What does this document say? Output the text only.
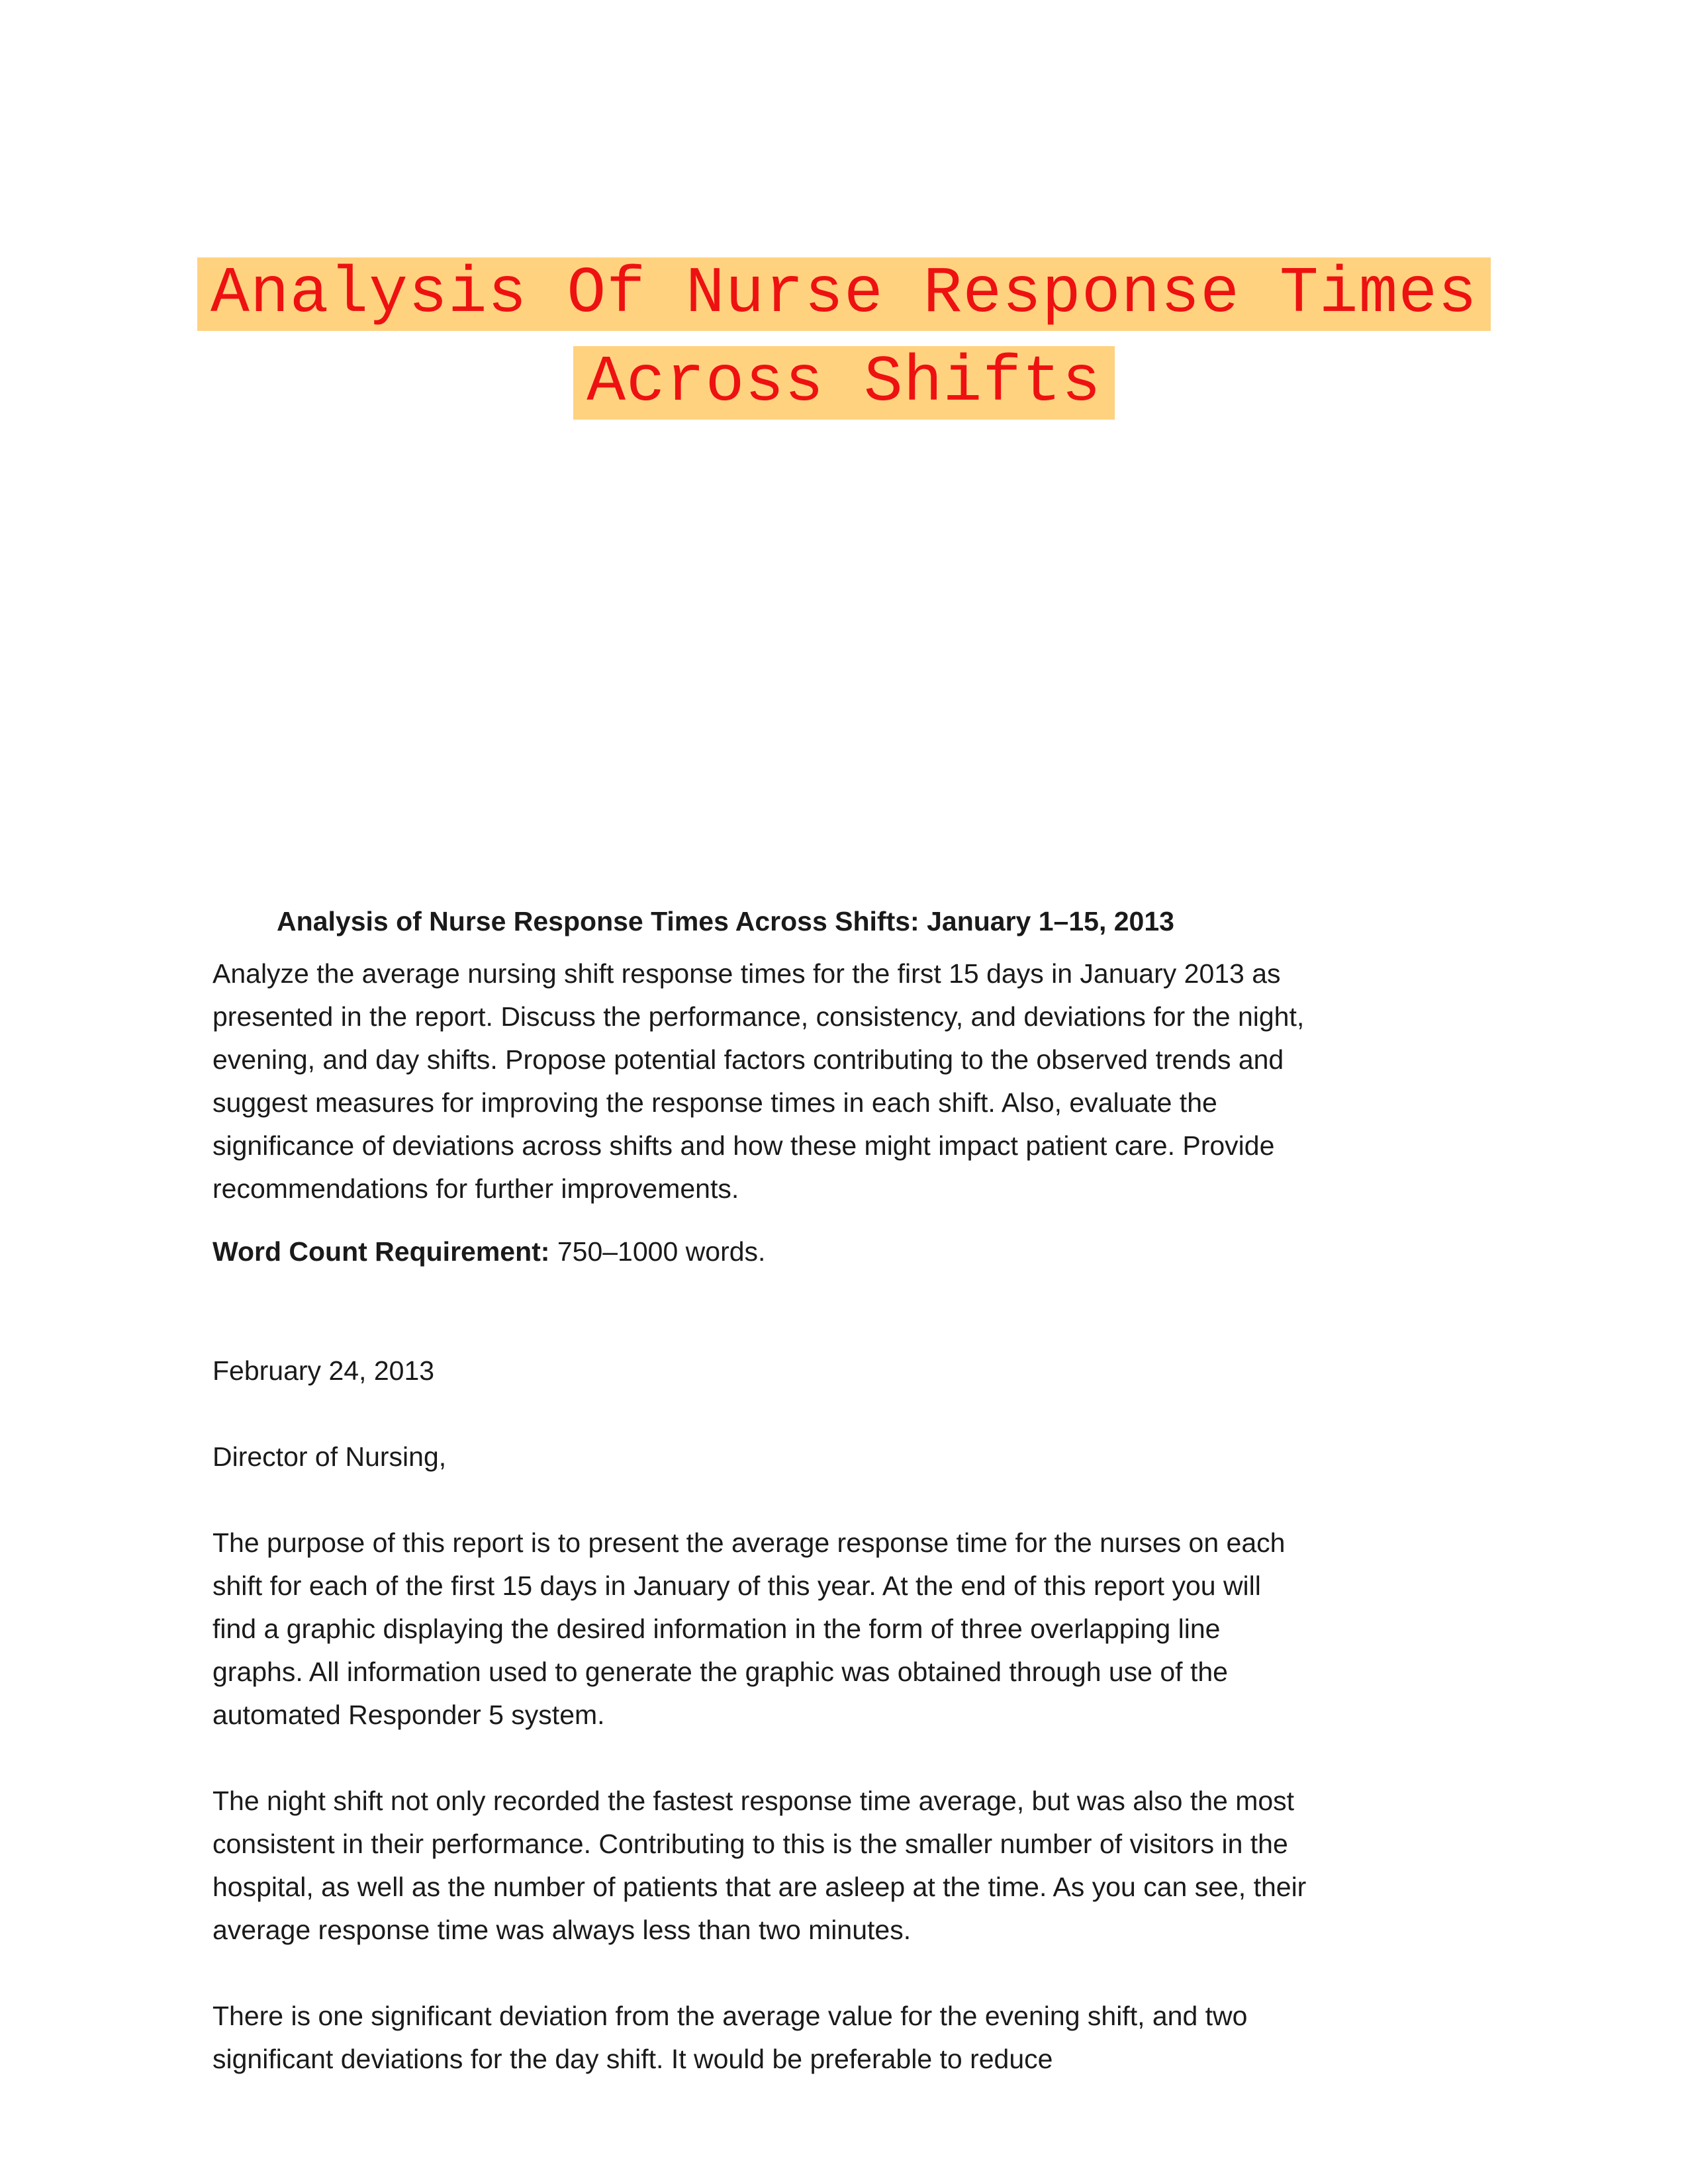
Analysis Of Nurse Response Times
Across Shifts

Analysis of Nurse Response Times Across Shifts: January 1–15, 2013

Analyze the average nursing shift response times for the first 15 days in January 2013 as presented in the report. Discuss the performance, consistency, and deviations for the night, evening, and day shifts. Propose potential factors contributing to the observed trends and suggest measures for improving the response times in each shift. Also, evaluate the significance of deviations across shifts and how these might impact patient care. Provide recommendations for further improvements.

Word Count Requirement: 750–1000 words.

February 24, 2013

Director of Nursing,

The purpose of this report is to present the average response time for the nurses on each shift for each of the first 15 days in January of this year. At the end of this report you will find a graphic displaying the desired information in the form of three overlapping line graphs. All information used to generate the graphic was obtained through use of the automated Responder 5 system.

The night shift not only recorded the fastest response time average, but was also the most consistent in their performance. Contributing to this is the smaller number of visitors in the hospital, as well as the number of patients that are asleep at the time. As you can see, their average response time was always less than two minutes.

There is one significant deviation from the average value for the evening shift, and two significant deviations for the day shift. It would be preferable to reduce
